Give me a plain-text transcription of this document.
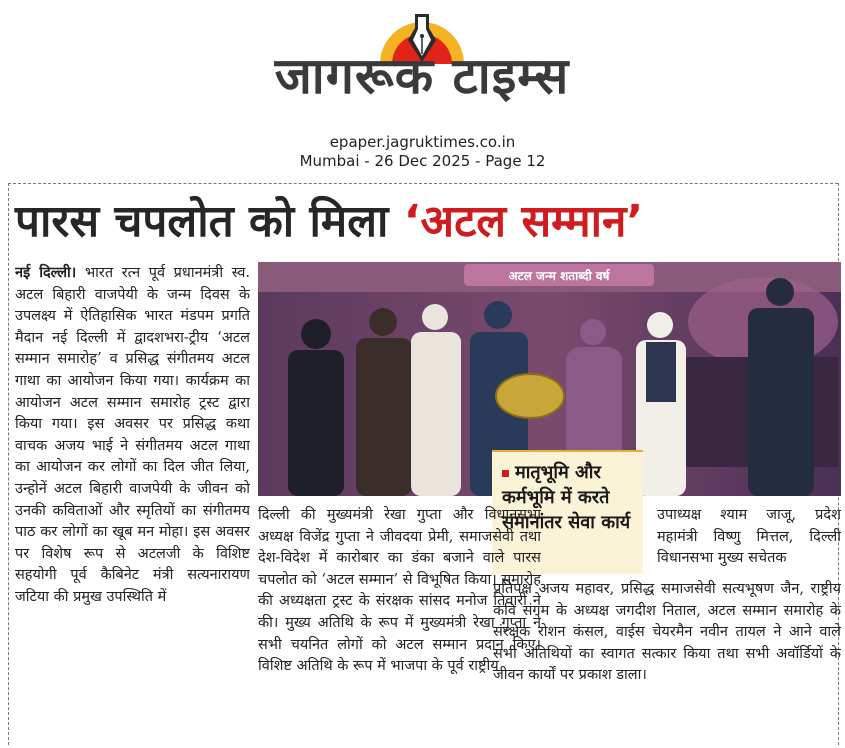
जागरूक टाइम्स
epaper.jagruktimes.co.in
Mumbai - 26 Dec 2025 - Page 12
पारस चपलोत को मिला ‘अटल सम्मान’
नई दिल्ली। भारत रत्न पूर्व प्रधानमंत्री स्व. अटल बिहारी वाजपेयी के जन्म दिवस के उपलक्ष्य में ऐतिहासिक भारत मंडपम प्रगति मैदान नई दिल्ली में द्वादशभरा-ट्रीय ‘अटल सम्मान समारोह’ व प्रसिद्ध संगीतमय अटल गाथा का आयोजन किया गया। कार्यक्रम का आयोजन अटल सम्मान समारोह ट्रस्ट द्वारा किया गया। इस अवसर पर प्रसिद्ध कथा वाचक अजय भाई ने संगीतमय अटल गाथा का आयोजन कर लोगों का दिल जीत लिया, उन्होनें अटल बिहारी वाजपेयी के जीवन को उनकी कविताओं और स्मृतियों का संगीतमय पाठ कर लोगों का खूब मन मोहा। इस अवसर पर विशेष रूप से अटलजी के विशिष्ट सहयोगी पूर्व कैबिनेट मंत्री सत्यनारायण जटिया की प्रमुख उपस्थिति में
अटल जन्म शताब्दी वर्ष
मातृभूमि और कर्मभूमि में करते समानांतर सेवा कार्य
दिल्ली की मुख्यमंत्री रेखा गुप्ता और विधानसभा अध्यक्ष विजेंद्र गुप्ता ने जीवदया प्रेमी, समाजसेवी तथा देश-विदेश में कारोबार का डंका बजाने वाले पारस चपलोत को ‘अटल सम्मान’ से विभूषित किया। समारोह की अध्यक्षता ट्रस्ट के संरक्षक सांसद मनोज तिवारी ने की। मुख्य अतिथि के रूप में मुख्यमंत्री रेखा गुप्ता ने सभी चयनित लोगों को अटल सम्मान प्रदान किए। विशिष्ट अतिथि के रूप में भाजपा के पूर्व राष्ट्रीय
उपाध्यक्ष श्याम जाजू, प्रदेश महामंत्री विष्णु मित्तल, दिल्ली विधानसभा मुख्य सचेतक
प्रतिपक्ष अजय महावर, प्रसिद्ध समाजसेवी सत्यभूषण जैन, राष्ट्रीय कवि संगम के अध्यक्ष जगदीश निताल, अटल सम्मान समारोह के संरक्षक रोशन कंसल, वाईस चेयरमैन नवीन तायल ने आने वाले सभी अतिथियों का स्वागत सत्कार किया तथा सभी अवॉर्डियों के जीवन कार्यों पर प्रकाश डाला।
